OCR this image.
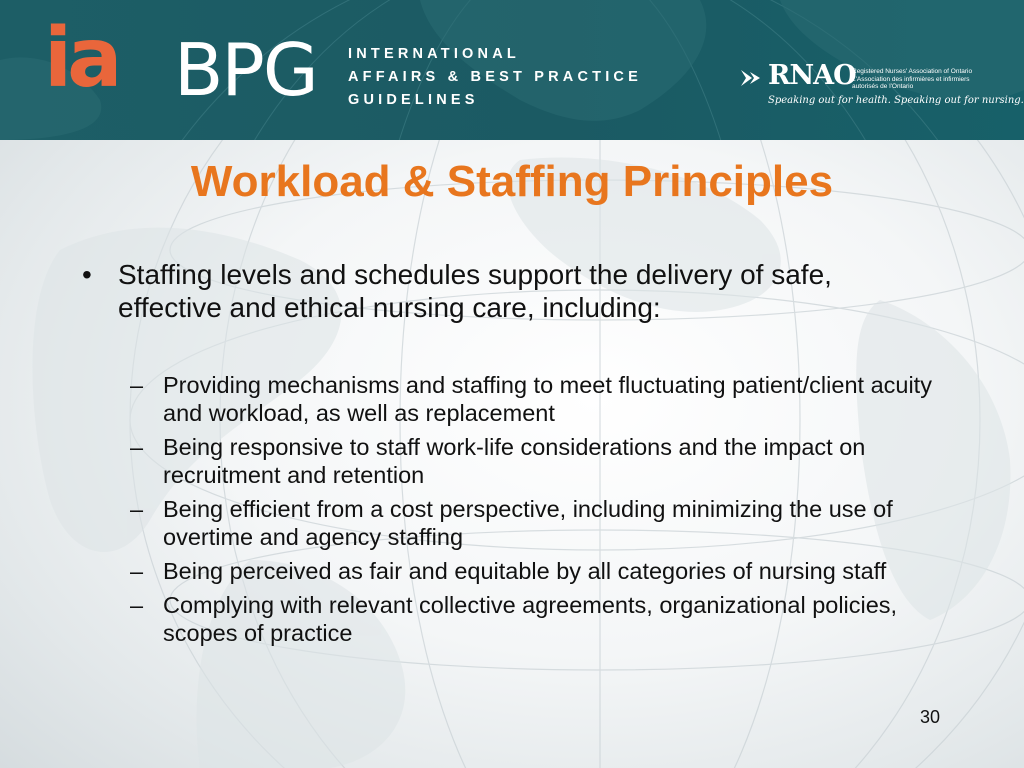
ia BPG INTERNATIONAL
AFFAIRS & BEST PRACTICE
GUIDELINES
RNAO
Registered Nurses' Association of Ontario
L'Association des infirmières et infirmiers
autorisés de l'Ontario
Speaking out for health. Speaking out for nursing.
Workload & Staffing Principles
• Staffing levels and schedules support the delivery of safe, effective and ethical nursing care, including:
– Providing mechanisms and staffing to meet fluctuating patient/client acuity and workload, as well as replacement
– Being responsive to staff work-life considerations and the impact on recruitment and retention
– Being efficient from a cost perspective, including minimizing the use of overtime and agency staffing
– Being perceived as fair and equitable by all categories of nursing staff
– Complying with relevant collective agreements, organizational policies, scopes of practice
30
